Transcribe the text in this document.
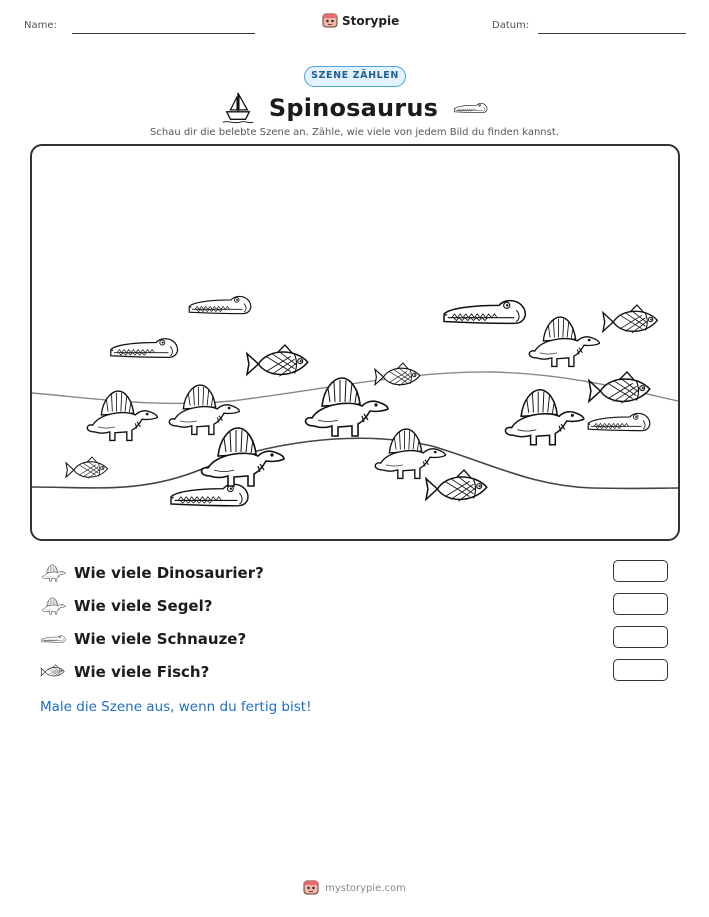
Name:	Storypie	Datum:
SZENE ZÄHLEN
Spinosaurus
Schau dir die belebte Szene an. Zähle, wie viele von jedem Bild du finden kannst.
Wie viele Dinosaurier?
Wie viele Segel?
Wie viele Schnauze?
Wie viele Fisch?
Male die Szene aus, wenn du fertig bist!
mystorypie.com
